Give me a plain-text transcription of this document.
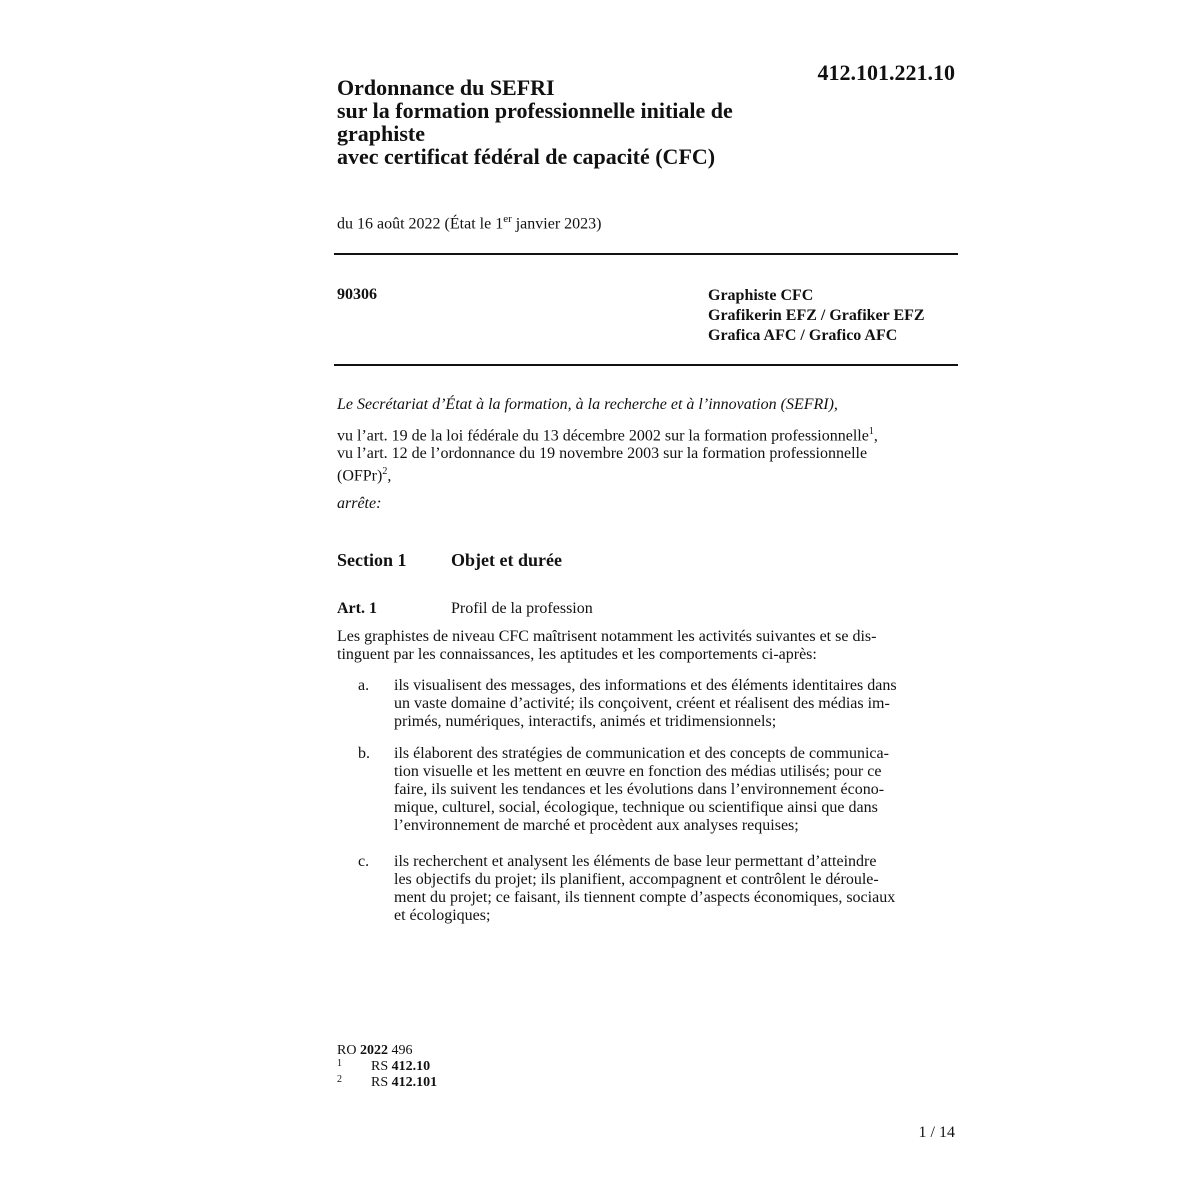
412.101.221.10
Ordonnance du SEFRI
sur la formation professionnelle initiale de
graphiste
avec certificat fédéral de capacité (CFC)
du 16 août 2022 (État le 1er janvier 2023)
90306	Graphiste CFC
Grafikerin EFZ / Grafiker EFZ
Grafica AFC / Grafico AFC

Le Secrétariat d’État à la formation, à la recherche et à l’innovation (SEFRI),

vu l’art. 19 de la loi fédérale du 13 décembre 2002 sur la formation professionnelle$^1$,

vu l’art. 12 de l’ordonnance du 19 novembre 2003 sur la formation professionnelle
(OFPr)$^2$,

arrête:

Section 1 Objet et durée
Art. 1	Profil de la profession
Les graphistes de niveau CFC maîtrisent notamment les activités suivantes et se dis-
tinguent par les connaissances, les aptitudes et les comportements ci-après:
a. ils visualisent des messages, des informations et des éléments identitaires dans
un vaste domaine d’activité; ils conçoivent, créent et réalisent des médias im-
primés, numériques, interactifs, animés et tridimensionnels;
b. ils élaborent des stratégies de communication et des concepts de communica-
tion visuelle et les mettent en œuvre en fonction des médias utilisés; pour ce
faire, ils suivent les tendances et les évolutions dans l’environnement écono-
mique, culturel, social, écologique, technique ou scientifique ainsi que dans
l’environnement de marché et procèdent aux analyses requises;
c. ils recherchent et analysent les éléments de base leur permettant d’atteindre
les objectifs du projet; ils planifient, accompagnent et contrôlent le déroule-
ment du projet; ce faisant, ils tiennent compte d’aspects économiques, sociaux
et écologiques;
RO 2022 496
1 RS 412.10
2 RS 412.101
1 / 14
